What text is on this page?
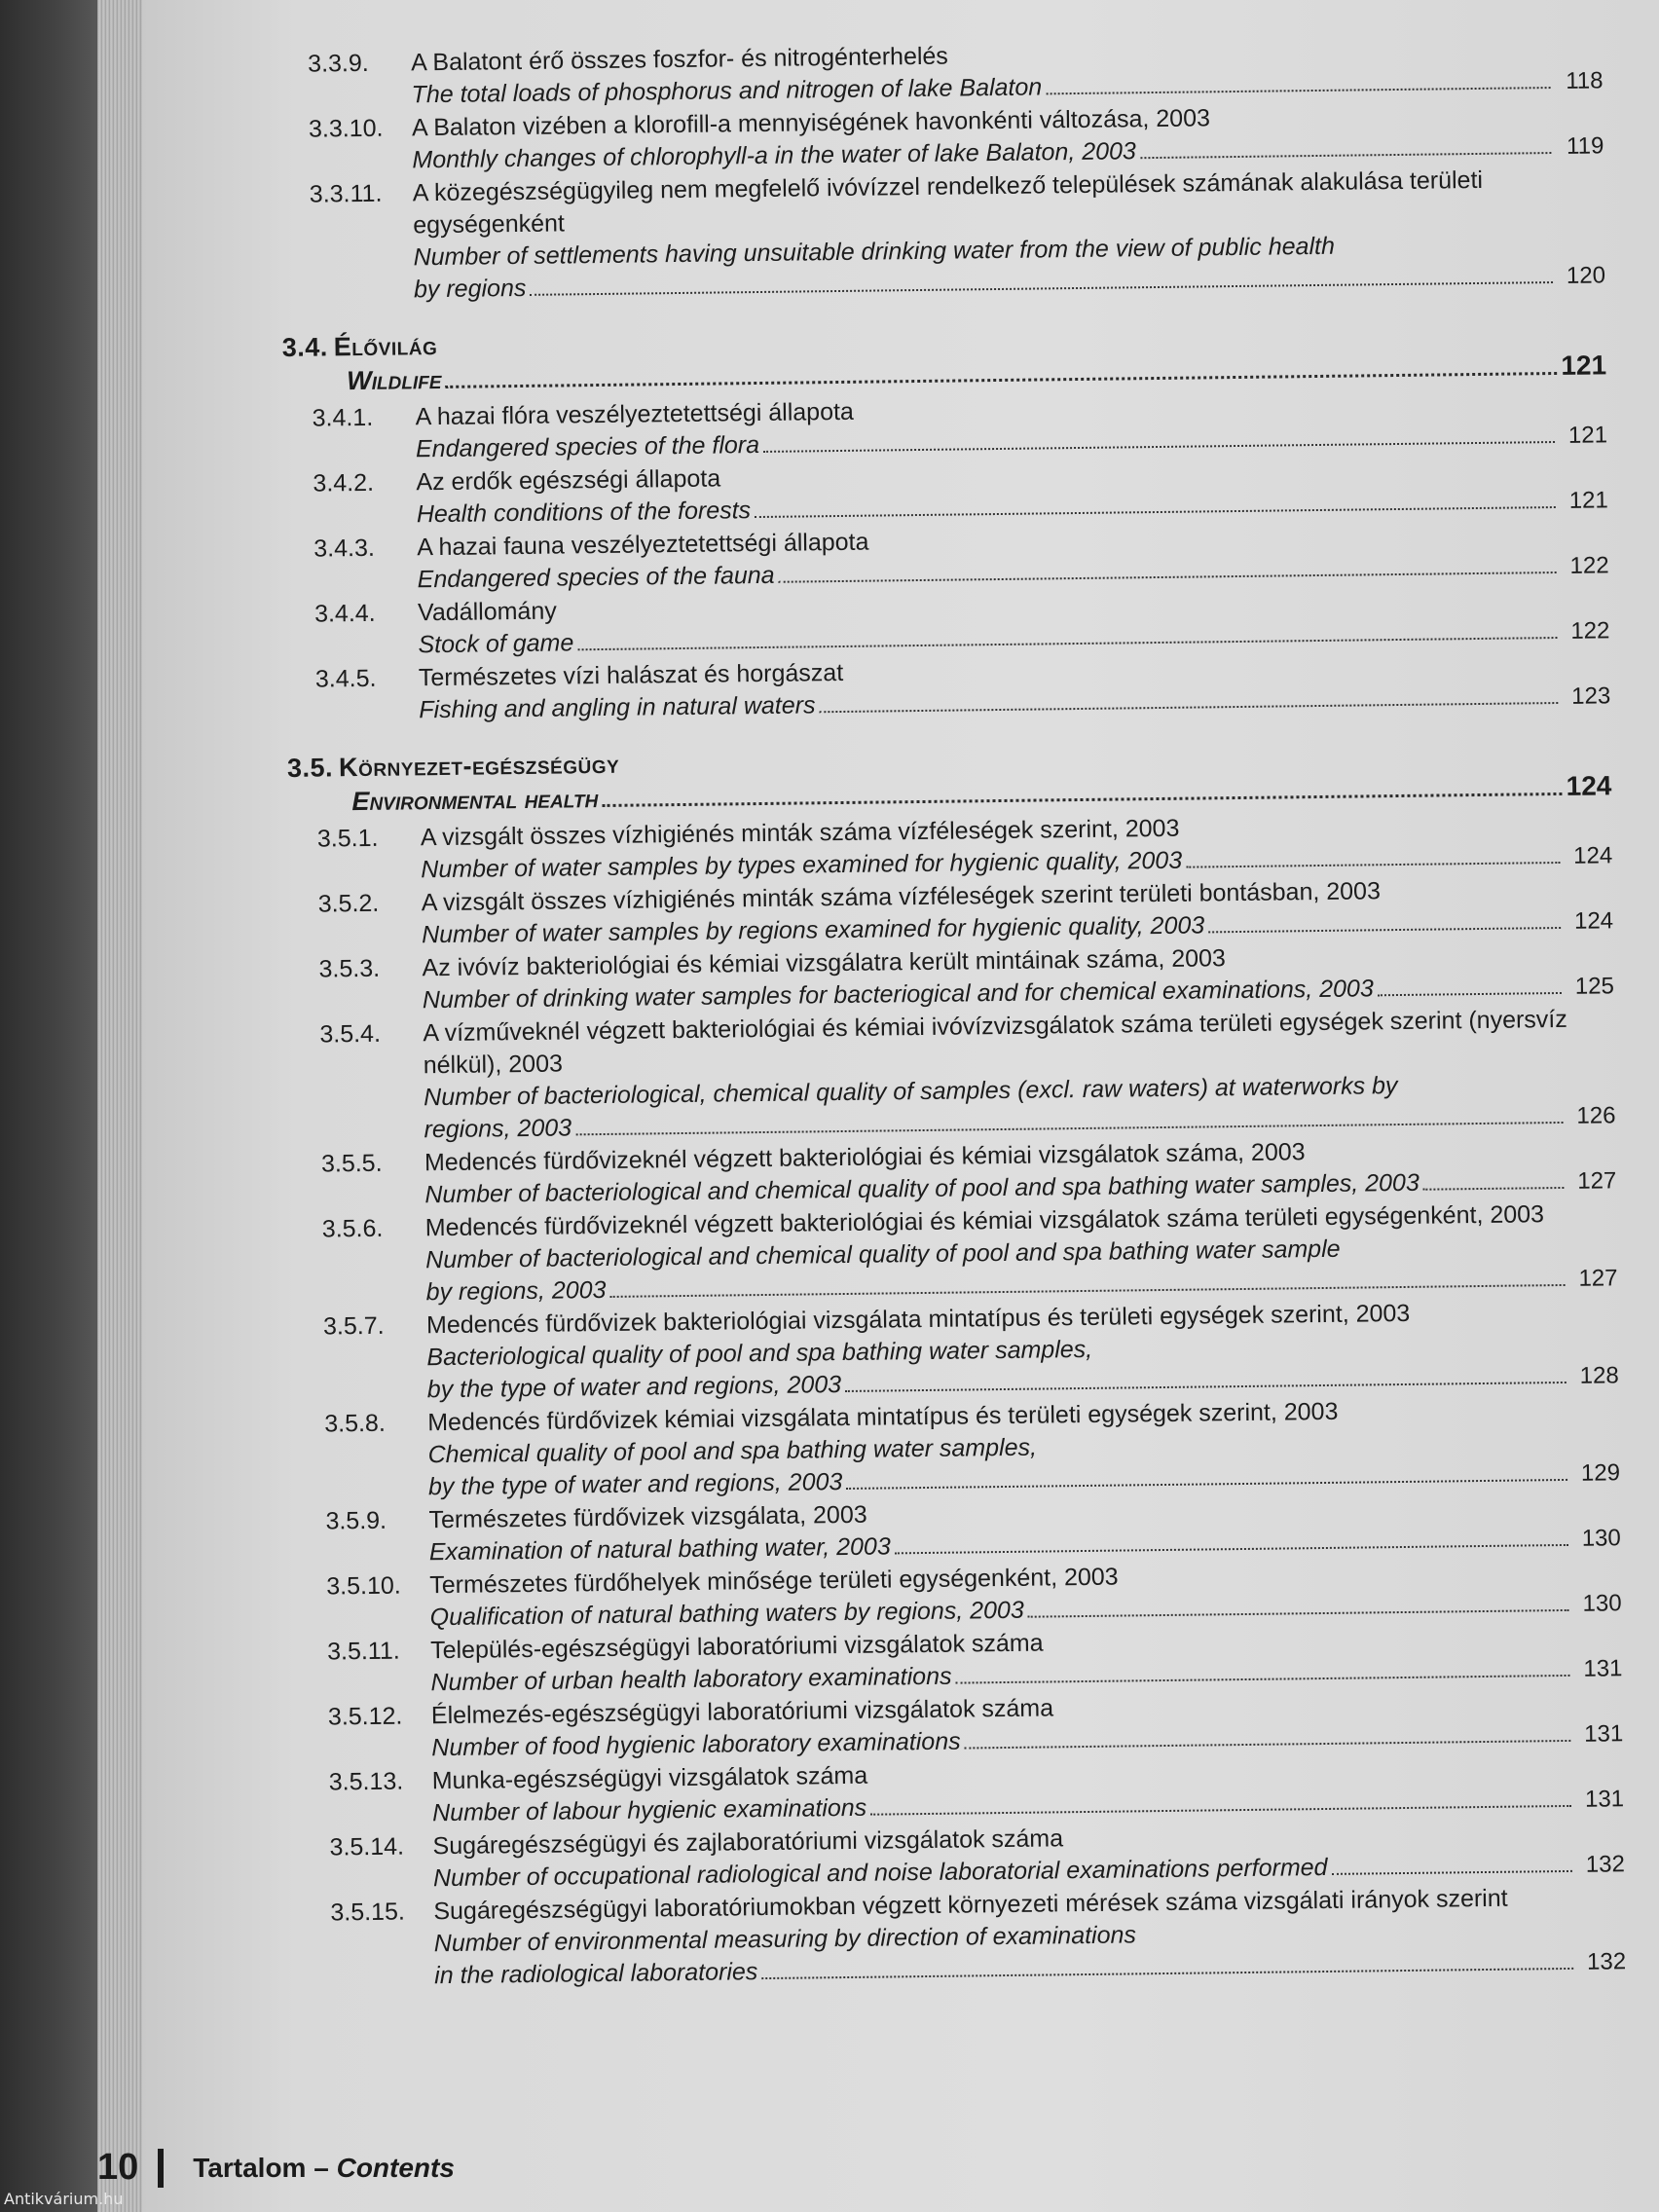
3.3.9.	A Balatont érő összes foszfor- és nitrogénterhelés
The total loads of phosphorus and nitrogen of lake Balaton	118
3.3.10.	A Balaton vizében a klorofill-a mennyiségének havonkénti változása, 2003
Monthly changes of chlorophyll-a in the water of lake Balaton, 2003	119
3.3.11.	A közegészségügyileg nem megfelelő ivóvízzel rendelkező települések számának alakulása területi egységenként
Number of settlements having unsuitable drinking water from the view of public health
by regions	120
3.4. Élővilág
Wildlife	121
3.4.1.	A hazai flóra veszélyeztetettségi állapota
Endangered species of the flora	121
3.4.2.	Az erdők egészségi állapota
Health conditions of the forests	121
3.4.3.	A hazai fauna veszélyeztetettségi állapota
Endangered species of the fauna	122
3.4.4.	Vadállomány
Stock of game	122
3.4.5.	Természetes vízi halászat és horgászat
Fishing and angling in natural waters	123
3.5. Környezet-egészségügy
Environmental health	124
3.5.1.	A vizsgált összes vízhigiénés minták száma vízféleségek szerint, 2003
Number of water samples by types examined for hygienic quality, 2003	124
3.5.2.	A vizsgált összes vízhigiénés minták száma vízféleségek szerint területi bontásban, 2003
Number of water samples by regions examined for hygienic quality, 2003	124
3.5.3.	Az ivóvíz bakteriológiai és kémiai vizsgálatra került mintáinak száma, 2003
Number of drinking water samples for bacteriogical and for chemical examinations, 2003	125
3.5.4.	A vízműveknél végzett bakteriológiai és kémiai ivóvízvizsgálatok száma területi egységek szerint (nyersvíz nélkül), 2003
Number of bacteriological, chemical quality of samples (excl. raw waters) at waterworks by
regions, 2003	126
3.5.5.	Medencés fürdővizeknél végzett bakteriológiai és kémiai vizsgálatok száma, 2003
Number of bacteriological and chemical quality of pool and spa bathing water samples, 2003	127
3.5.6.	Medencés fürdővizeknél végzett bakteriológiai és kémiai vizsgálatok száma területi egységenként, 2003
Number of bacteriological and chemical quality of pool and spa bathing water sample
by regions, 2003	127
3.5.7.	Medencés fürdővizek bakteriológiai vizsgálata mintatípus és területi egységek szerint, 2003
Bacteriological quality of pool and spa bathing water samples,
by the type of water and regions, 2003	128
3.5.8.	Medencés fürdővizek kémiai vizsgálata mintatípus és területi egységek szerint, 2003
Chemical quality of pool and spa bathing water samples,
by the type of water and regions, 2003	129
3.5.9.	Természetes fürdővizek vizsgálata, 2003
Examination of natural bathing water, 2003	130
3.5.10.	Természetes fürdőhelyek minősége területi egységenként, 2003
Qualification of natural bathing waters by regions, 2003	130
3.5.11.	Település-egészségügyi laboratóriumi vizsgálatok száma
Number of urban health laboratory examinations	131
3.5.12.	Élelmezés-egészségügyi laboratóriumi vizsgálatok száma
Number of food hygienic laboratory examinations	131
3.5.13.	Munka-egészségügyi vizsgálatok száma
Number of labour hygienic examinations	131
3.5.14.	Sugáregészségügyi és zajlaboratóriumi vizsgálatok száma
Number of occupational radiological and noise laboratorial examinations performed	132
3.5.15.	Sugáregészségügyi laboratóriumokban végzett környezeti mérések száma vizsgálati irányok szerint
Number of environmental measuring by direction of examinations
in the radiological laboratories	132
10 Tartalom – Contents
Antikvárium.hu
